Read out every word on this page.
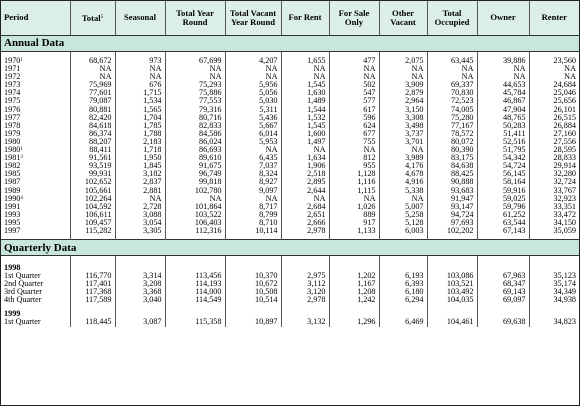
Period	Total$^5$	Seasonal	Total Year Round	Total Vacant Year Round	For Rent	For Sale Only	Other Vacant	Total Occupied	Owner	Renter
Annual Data										

1970$^1$	68,672	973	67,699	4,207	1,655	477	2,075	63,445	39,886	23,560
1971	NA	NA	NA	NA	NA	NA	NA	NA	NA	NA
1972	NA	NA	NA	NA	NA	NA	NA	NA	NA	NA
1973	75,969	676	75,293	5,956	1,545	502	3,909	69,337	44,653	24,684
1974	77,601	1,715	75,886	5,056	1,630	547	2,879	70,830	45,784	25,046
1975	79,087	1,534	77,553	5,030	1,489	577	2,964	72,523	46,867	25,656
1976	80,881	1,565	79,316	5,311	1,544	617	3,150	74,005	47,904	26,101
1977	82,420	1,704	80,716	5,436	1,532	596	3,308	75,280	48,765	26,515
1978	84,618	1,785	82,833	5,667	1,545	624	3,498	77,167	50,283	26,884
1979	86,374	1,788	84,586	6,014	1,600	677	3,737	78,572	51,411	27,160
1980	88,207	2,183	86,024	5,953	1,497	755	3,701	80,072	52,516	27,556
1980$^1$	88,411	1,718	86,693	NA	NA	NA	NA	80,390	51,795	28,595
1981$^3$	91,561	1,950	89,610	6,435	1,634	812	3,989	83,175	54,342	28,833
1982	93,519	1,845	91,675	7,037	1,906	955	4,176	84,638	54,724	29,914
1985	99,931	3,182	96,749	8,324	2,518	1,128	4,678	88,425	56,145	32,280
1987	102,652	2,837	99,818	8,927	2,895	1,116	4,916	90,888	58,164	32,724
1989	105,661	2,881	102,780	9,097	2,644	1,115	5,338	93,683	59,916	33,767
1990$^4$	102,264	NA	NA	NA	NA	NA	NA	91,947	59,025	32,923
1991	104,592	2,728	101,864	8,717	2,684	1,026	5,007	93,147	59,796	33,351
1993	106,611	3,088	103,522	8,799	2,651	889	5,258	94,724	61,252	33,472
1995	109,457	3,054	106,403	8,710	2,666	917	5,128	97,693	63,544	34,150
1997	115,282	3,305	112,316	10,114	2,978	1,133	6,003	102,202	67,143	35,059

Quarterly Data										

1998										
1st Quarter	116,770	3,314	113,456	10,370	2,975	1,202	6,193	103,086	67,963	35,123
2nd Quarter	117,401	3,208	114,193	10,672	3,112	1,167	6,393	103,521	68,347	35,174
3rd Quarter	117,368	3,368	114,000	10,508	3,120	1,208	6,180	103,492	69,143	34,349
4th Quarter	117,589	3,040	114,549	10,514	2,978	1,242	6,294	104,035	69,097	34,938

1999										
1st Quarter	118,445	3,087	115,358	10,897	3,132	1,296	6,469	104,461	69,638	34,823
